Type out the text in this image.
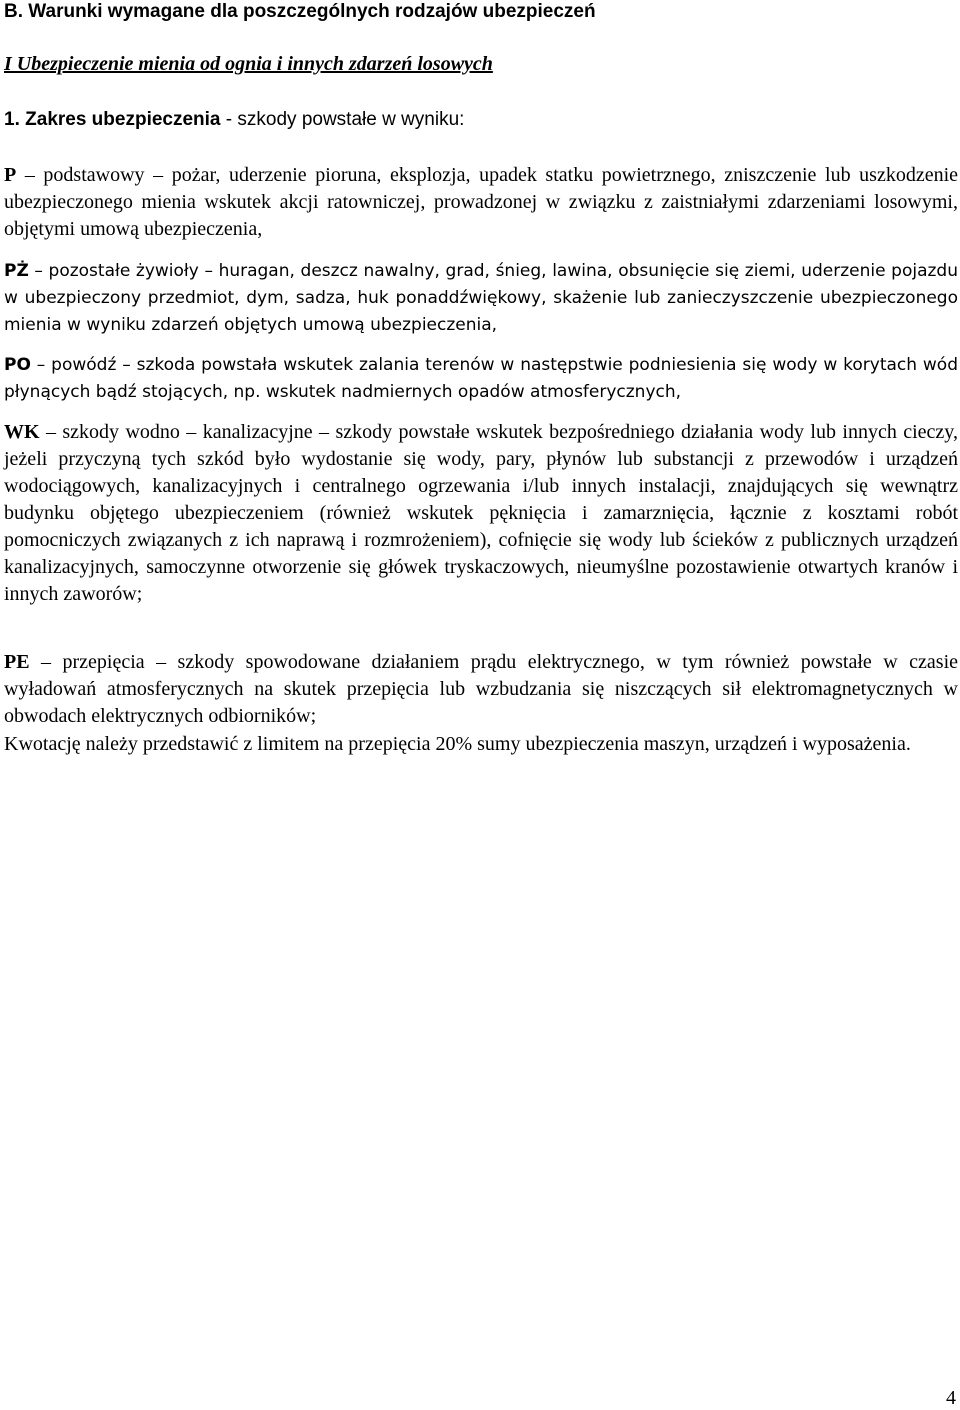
B. Warunki wymagane dla poszczególnych rodzajów ubezpieczeń
I Ubezpieczenie mienia od ognia i innych zdarzeń losowych

1. Zakres ubezpieczenia - szkody powstałe w wyniku:

P – podstawowy – pożar, uderzenie pioruna, eksplozja, upadek statku powietrznego, zniszczenie lub uszkodzenie ubezpieczonego mienia wskutek akcji ratowniczej, prowadzonej w związku z zaistniałymi zdarzeniami losowymi, objętymi umową ubezpieczenia,

PŻ – pozostałe żywioły – huragan, deszcz nawalny, grad, śnieg, lawina, obsunięcie się ziemi, uderzenie pojazdu w ubezpieczony przedmiot, dym, sadza, huk ponaddźwiękowy, skażenie lub zanieczyszczenie ubezpieczonego mienia w wyniku zdarzeń objętych umową ubezpieczenia,

PO – powódź – szkoda powstała wskutek zalania terenów w następstwie podniesienia się wody w korytach wód płynących bądź stojących, np. wskutek nadmiernych opadów atmosferycznych,

WK – szkody wodno – kanalizacyjne – szkody powstałe wskutek bezpośredniego działania wody lub innych cieczy, jeżeli przyczyną tych szkód było wydostanie się wody, pary, płynów lub substancji z przewodów i urządzeń wodociągowych, kanalizacyjnych i centralnego ogrzewania i/lub innych instalacji, znajdujących się wewnątrz budynku objętego ubezpieczeniem (również wskutek pęknięcia i zamarznięcia, łącznie z kosztami robót pomocniczych związanych z ich naprawą i rozmrożeniem), cofnięcie się wody lub ścieków z publicznych urządzeń kanalizacyjnych, samoczynne otworzenie się główek tryskaczowych, nieumyślne pozostawienie otwartych kranów i innych zaworów;

PE – przepięcia – szkody spowodowane działaniem prądu elektrycznego, w tym również powstałe w czasie wyładowań atmosferycznych na skutek przepięcia lub wzbudzania się niszczących sił elektromagnetycznych w obwodach elektrycznych odbiorników;

Kwotację należy przedstawić z limitem na przepięcia 20% sumy ubezpieczenia maszyn, urządzeń i wyposażenia.

4
